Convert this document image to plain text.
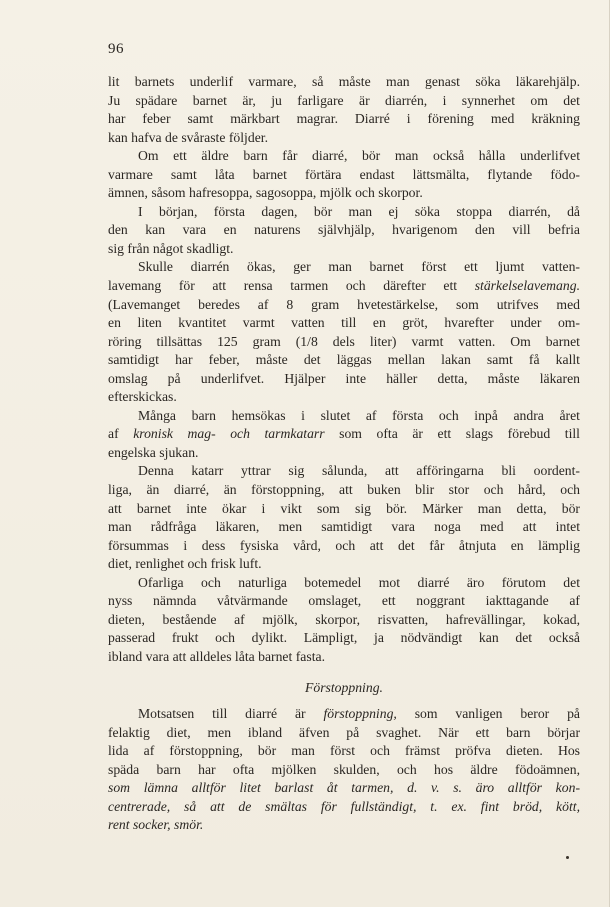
96
lit barnets underlif varmare, så måste man genast söka läkarehjälp.
Ju spädare barnet är, ju farligare är diarrén, i synnerhet om det
har feber samt märkbart magrar. Diarré i förening med kräkning
kan hafva de svåraste följder.
Om ett äldre barn får diarré, bör man också hålla underlifvet
varmare samt låta barnet förtära endast lättsmälta, flytande födo-
ämnen, såsom hafresoppa, sagosoppa, mjölk och skorpor.
I början, första dagen, bör man ej söka stoppa diarrén, då
den kan vara en naturens självhjälp, hvarigenom den vill befria
sig från något skadligt.
Skulle diarrén ökas, ger man barnet först ett ljumt vatten-
lavemang för att rensa tarmen och därefter ett stärkelselavemang.
(Lavemanget beredes af 8 gram hvetestärkelse, som utrifves med
en liten kvantitet varmt vatten till en gröt, hvarefter under om-
röring tillsättas 125 gram (1/8 dels liter) varmt vatten. Om barnet
samtidigt har feber, måste det läggas mellan lakan samt få kallt
omslag på underlifvet. Hjälper inte häller detta, måste läkaren
efterskickas.
Många barn hemsökas i slutet af första och inpå andra året
af kronisk mag- och tarmkatarr som ofta är ett slags förebud till
engelska sjukan.
Denna katarr yttrar sig sålunda, att afföringarna bli oordent-
liga, än diarré, än förstoppning, att buken blir stor och hård, och
att barnet inte ökar i vikt som sig bör. Märker man detta, bör
man rådfråga läkaren, men samtidigt vara noga med att intet
försummas i dess fysiska vård, och att det får åtnjuta en lämplig
diet, renlighet och frisk luft.
Ofarliga och naturliga botemedel mot diarré äro förutom det
nyss nämnda våtvärmande omslaget, ett noggrant iakttagande af
dieten, bestående af mjölk, skorpor, risvatten, hafrevällingar, kokad,
passerad frukt och dylikt. Lämpligt, ja nödvändigt kan det också
ibland vara att alldeles låta barnet fasta.
Förstoppning.
Motsatsen till diarré är förstoppning, som vanligen beror på
felaktig diet, men ibland äfven på svaghet. När ett barn börjar
lida af förstoppning, bör man först och främst pröfva dieten. Hos
späda barn har ofta mjölken skulden, och hos äldre födoämnen,
som lämna alltför litet barlast åt tarmen, d. v. s. äro alltför kon-
centrerade, så att de smältas för fullständigt, t. ex. fint bröd, kött,
rent socker, smör.
